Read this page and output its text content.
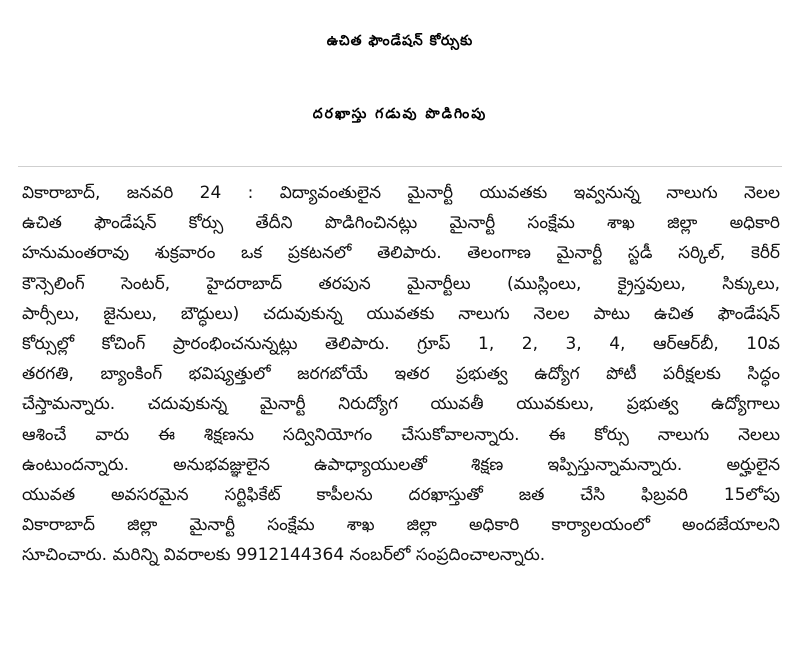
ఉచిత ఫౌండేషన్ కోర్సుకు
దరఖాస్తు గడువు పొడిగింపు
వికారాబాద్, జనవరి 24 : విద్యావంతులైన మైనార్టీ యువతకు ఇవ్వనున్న నాలుగు నెలల
ఉచిత ఫౌండేషన్ కోర్సు తేదీని పొడిగించినట్లు మైనార్టీ సంక్షేమ శాఖ జిల్లా అధికారి
హనుమంతరావు శుక్రవారం ఒక ప్రకటనలో తెలిపారు. తెలంగాణ మైనార్టీ స్టడీ సర్కిల్, కెరీర్
కౌన్సెలింగ్ సెంటర్, హైదరాబాద్ తరపున మైనార్టీలు (ముస్లింలు, క్రైస్తవులు, సిక్కులు,
పార్సీలు, జైనులు, బౌద్ధులు) చదువుకున్న యువతకు నాలుగు నెలల పాటు ఉచిత ఫౌండేషన్
కోర్సుల్లో కోచింగ్ ప్రారంభించనున్నట్లు తెలిపారు. గ్రూప్ 1, 2, 3, 4, ఆర్ఆర్‌బీ, 10వ
తరగతి, బ్యాంకింగ్ భవిష్యత్తులో జరగబోయే ఇతర ప్రభుత్వ ఉద్యోగ పోటీ పరీక్షలకు సిద్ధం
చేస్తామన్నారు. చదువుకున్న మైనార్టీ నిరుద్యోగ యువతీ యువకులు, ప్రభుత్వ ఉద్యోగాలు
ఆశించే వారు ఈ శిక్షణను సద్వినియోగం చేసుకోవాలన్నారు. ఈ కోర్సు నాలుగు నెలలు
ఉంటుందన్నారు. అనుభవజ్ఞులైన ఉపాధ్యాయులతో శిక్షణ ఇప్పిస్తున్నామన్నారు. అర్హులైన
యువత అవసరమైన సర్టిఫికేట్ కాపీలను దరఖాస్తుతో జత చేసి ఫిబ్రవరి 15లోపు
వికారాబాద్ జిల్లా మైనార్టీ సంక్షేమ శాఖ జిల్లా అధికారి కార్యాలయంలో అందజేయాలని
సూచించారు. మరిన్ని వివరాలకు 9912144364 నంబర్‌లో సంప్రదించాలన్నారు.
